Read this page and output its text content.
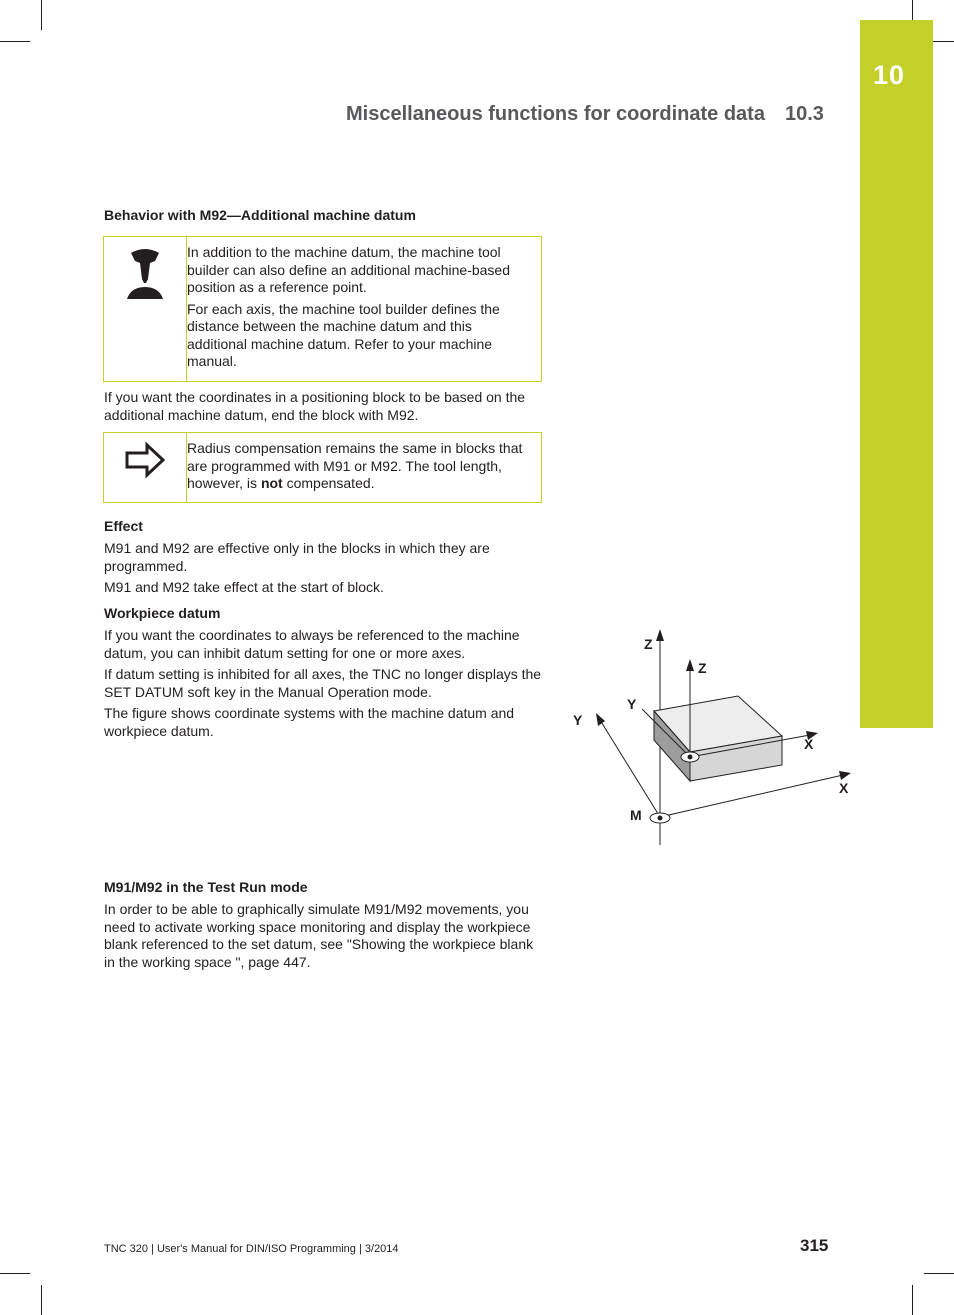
10
Miscellaneous functions for coordinate data 10.3
Behavior with M92—Additional machine datum

In addition to the machine datum, the machine tool builder can also define an additional machine-based position as a reference point.

For each axis, the machine tool builder defines the distance between the machine datum and this additional machine datum. Refer to your machine manual.

If you want the coordinates in a positioning block to be based on the additional machine datum, end the block with M92.
Radius compensation remains the same in blocks that are programmed with M91 or M92. The tool length, however, is not compensated.
Effect
M91 and M92 are effective only in the blocks in which they are programmed.
M91 and M92 take effect at the start of block.
Workpiece datum
If you want the coordinates to always be referenced to the machine datum, you can inhibit datum setting for one or more axes.
If datum setting is inhibited for all axes, the TNC no longer displays the SET DATUM soft key in the Manual Operation mode.
The figure shows coordinate systems with the machine datum and workpiece datum.
Z
Y
X
M
Z
Y
X
M91/M92 in the Test Run mode
In order to be able to graphically simulate M91/M92 movements, you need to activate working space monitoring and display the workpiece blank referenced to the set datum, see "Showing the workpiece blank in the working space ", page 447.
TNC 320 | User's Manual for DIN/ISO Programming | 3/2014	315
